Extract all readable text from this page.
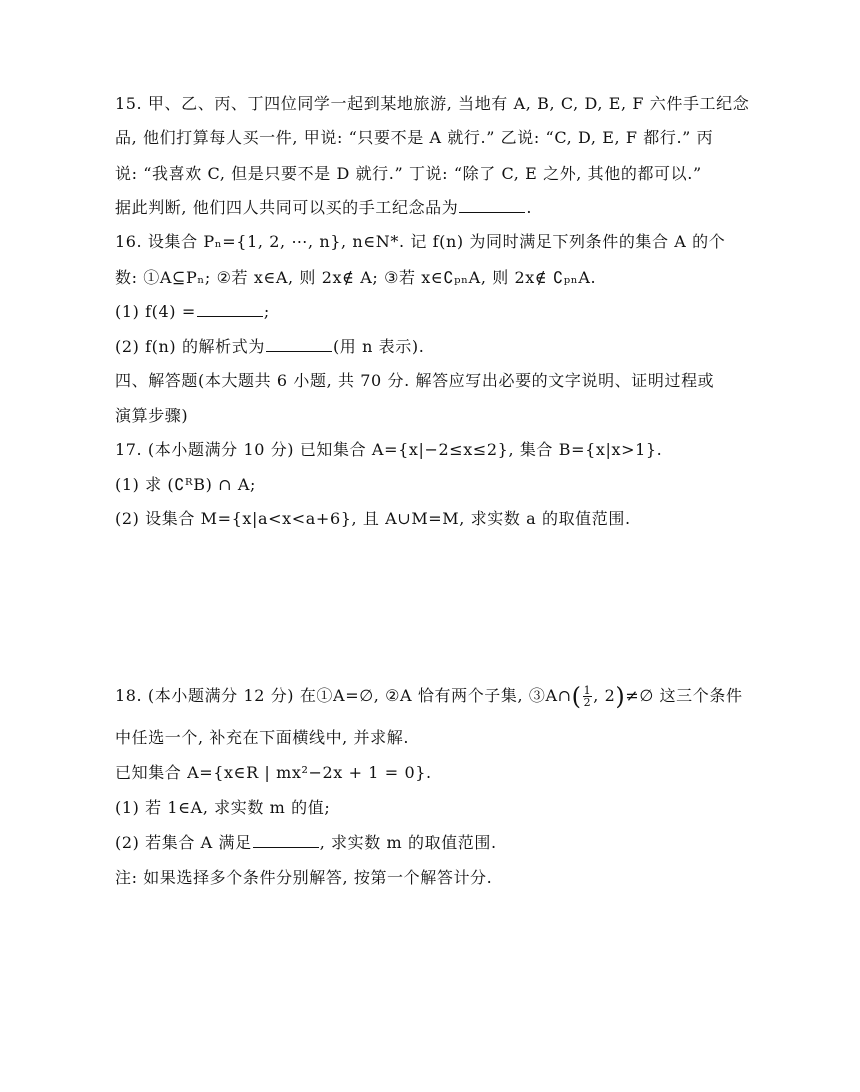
15. 甲、乙、丙、丁四位同学一起到某地旅游, 当地有 A, B, C, D, E, F 六件手工纪念
品, 他们打算每人买一件, 甲说: “只要不是 A 就行.” 乙说: “C, D, E, F 都行.” 丙
说: “我喜欢 C, 但是只要不是 D 就行.” 丁说: “除了 C, E 之外, 其他的都可以.”
据此判断, 他们四人共同可以买的手工纪念品为	.
16. 设集合 Pₙ={1, 2, ⋯, n}, n∈N*. 记 f(n) 为同时满足下列条件的集合 A 的个
数: ①A⊆Pₙ; ②若 x∈A, 则 2x∉ A; ③若 x∈∁ₚₙA, 则 2x∉ ∁ₚₙA.
(1) f(4) =	;
(2) f(n) 的解析式为	(用 n 表示).
四、解答题(本大题共 6 小题, 共 70 分. 解答应写出必要的文字说明、证明过程或
演算步骤)
17. (本小题满分 10 分) 已知集合 A={x|−2≤x≤2}, 集合 B={x|x>1}.
(1) 求 (∁ᴿB) ∩ A;
(2) 设集合 M={x|a<x<a+6}, 且 A∪M=M, 求实数 a 的取值范围.
18. (本小题满分 12 分) 在①A=∅, ②A 恰有两个子集, ③A∩( $\frac{1}{2}$ , 2)≠∅ 这三个条件
中任选一个, 补充在下面横线中, 并求解.
已知集合 A={x∈R | mx²−2x + 1 = 0}.
(1) 若 1∈A, 求实数 m 的值;
(2) 若集合 A 满足	, 求实数 m 的取值范围.
注: 如果选择多个条件分别解答, 按第一个解答计分.
